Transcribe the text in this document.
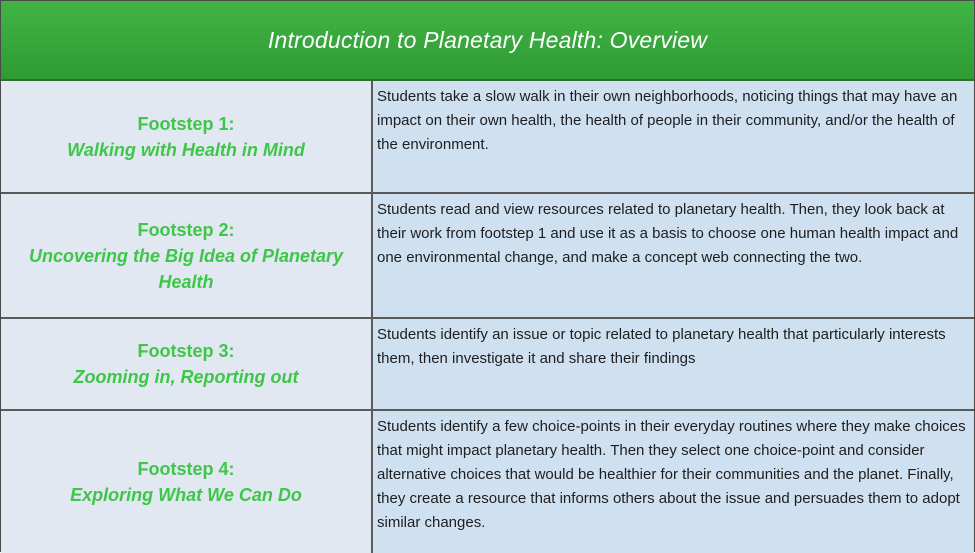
Introduction to Planetary Health: Overview
Footstep 1:
Walking with Health in Mind

Students take a slow walk in their own neighborhoods, noticing things that may have an impact on their own health, the health of people in their community, and/or the health of the environment.

Footstep 2:
Uncovering the Big Idea of Planetary Health

Students read and view resources related to planetary health. Then, they look back at their work from footstep 1 and use it as a basis to choose one human health impact and one environmental change, and make a concept web connecting the two.

Footstep 3:
Zooming in, Reporting out

Students identify an issue or topic related to planetary health that particularly interests them, then investigate it and share their findings

Footstep 4:
Exploring What We Can Do

Students identify a few choice-points in their everyday routines where they make choices that might impact planetary health. Then they select one choice-point and consider alternative choices that would be healthier for their communities and the planet. Finally, they create a resource that informs others about the issue and persuades them to adopt similar changes.
